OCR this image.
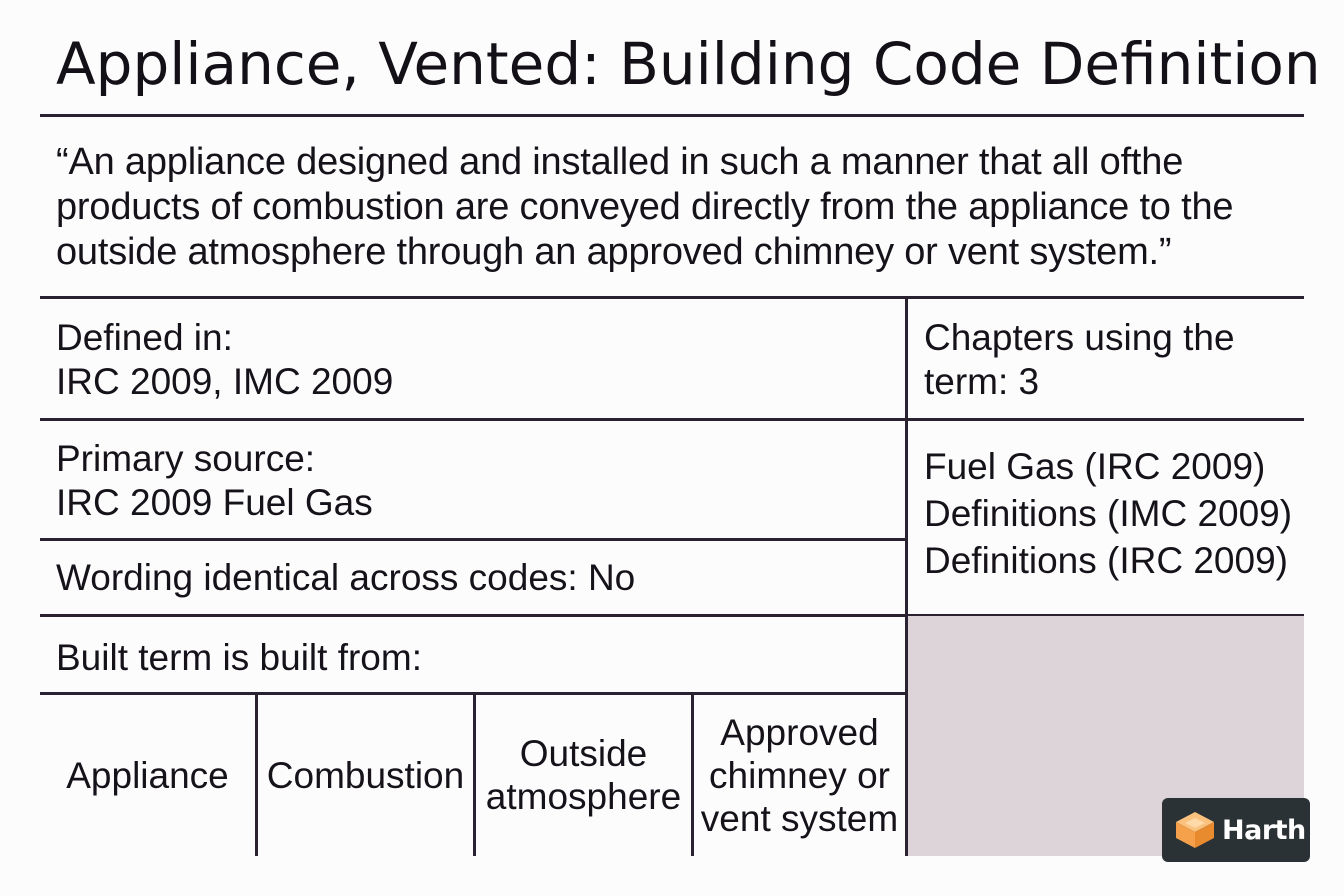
Appliance, Vented: Building Code Definition
“An appliance designed and installed in such a manner that all ofthe products of combustion are conveyed directly from the appliance to the outside atmosphere through an approved chimney or vent system.”
Defined in:
IRC 2009, IMC 2009
Chapters using the
term: 3
Primary source:
IRC 2009 Fuel Gas
Fuel Gas (IRC 2009)
Definitions (IMC 2009)
Definitions (IRC 2009)
Wording identical across codes: No
Built term is built from:
Appliance Combustion
Outside
atmosphere
Approved
chimney or
vent system	Harth
